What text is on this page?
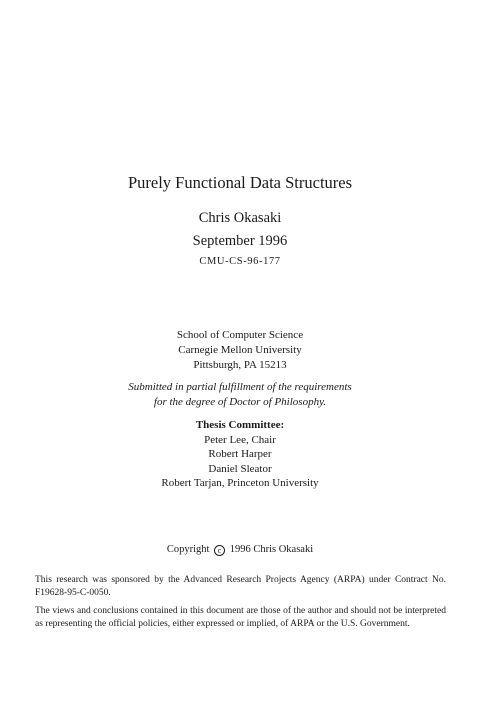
Purely Functional Data Structures
Chris Okasaki
September 1996
CMU-CS-96-177
School of Computer Science
Carnegie Mellon University
Pittsburgh, PA 15213
Submitted in partial fulfillment of the requirements
for the degree of Doctor of Philosophy.
Thesis Committee:
Peter Lee, Chair
Robert Harper
Daniel Sleator
Robert Tarjan, Princeton University
Copyright c 1996 Chris Okasaki
This research was sponsored by the Advanced Research Projects Agency (ARPA) under Contract No. F19628-95-C-0050.
The views and conclusions contained in this document are those of the author and should not be interpreted as representing the official policies, either expressed or implied, of ARPA or the U.S. Government.
